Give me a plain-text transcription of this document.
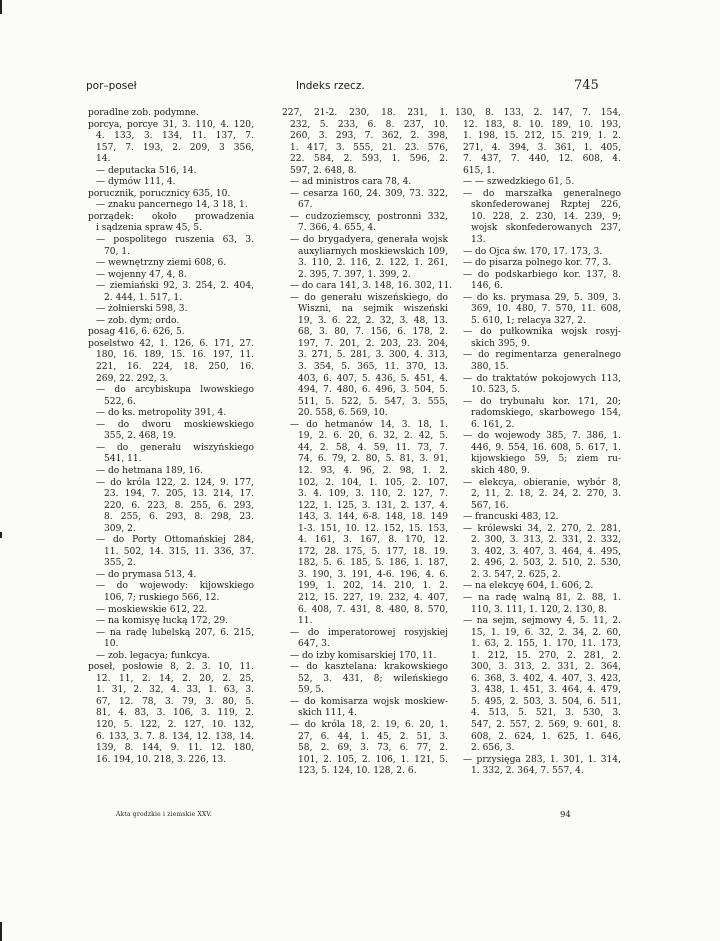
por–poseł	Indeks rzecz.	745
poradlne zob. podymne.
porcya, porcye 31, 3. 110, 4. 120,
4. 133, 3. 134, 11. 137, 7.
157, 7. 193, 2. 209, 3 356,
14.
— deputacka 516, 14.
— dymów 111, 4.
porucznik, porucznicy 635, 10.
— znaku pancernego 14, 3 18, 1.
porządek: około prowadzenia
i sądzenia spraw 45, 5.
— pospolitego ruszenia 63, 3.
70, 1.
— wewnętrzny ziemi 608, 6.
— wojenny 47, 4, 8.
— ziemiański 92, 3. 254, 2. 404,
2. 444, 1. 517, 1.
— żołnierski 598, 3.
— zob. dym; ordo.
posag 416, 6. 626, 5.
poselstwo 42, 1. 126, 6. 171, 27.
180, 16. 189, 15. 16. 197, 11.
221, 16. 224, 18. 250, 16.
269, 22. 292, 3.
— do arcybiskupa lwowskiego
522, 6.
— do ks. metropolity 391, 4.
— do dworu moskiewskiego
355, 2. 468, 19.
— do generału wiszyńskiego
541, 11.
— do hetmana 189, 16.
— do króla 122, 2. 124, 9. 177,
23. 194, 7. 205, 13. 214, 17.
220, 6. 223, 8. 255, 6. 293,
8. 255, 6. 293, 8. 298, 23.
309, 2.
— do Porty Ottomańskiej 284,
11. 502, 14. 315, 11. 336, 37.
355, 2.
— do prymasa 513, 4.
— do wojewody: kijowskiego
106, 7; ruskiego 566, 12.
— moskiewskie 612, 22.
— na komisyę łucką 172, 29.
— na radę lubelską 207, 6. 215,
10.
— zob. legacya; funkcya.
poseł, posłowie 8, 2. 3. 10, 11.
12. 11, 2. 14, 2. 20, 2. 25,
1. 31, 2. 32, 4. 33, 1. 63, 3.
67, 12. 78, 3. 79, 3. 80, 5.
81, 4. 83, 3. 106, 3. 119, 2.
120, 5. 122, 2. 127, 10. 132,
6. 133, 3. 7. 8. 134, 12. 138, 14.
139, 8. 144, 9. 11. 12. 180,
16. 194, 10. 218, 3. 226, 13.
227, 21-2. 230, 18. 231, 1.
232, 5. 233, 6. 8. 237, 10.
260, 3. 293, 7. 362, 2. 398,
1. 417, 3. 555, 21. 23. 576,
22. 584, 2. 593, 1. 596, 2.
597, 2. 648, 8.
— ad ministros cara 78, 4.
— cesarza 160, 24. 309, 73. 322,
67.
— cudzoziemscy, postronni 332,
7. 366, 4. 655, 4.
— do brygadyera, generała wojsk
auxyliarnych moskiewskich 109,
3. 110, 2. 116, 2. 122, 1. 261,
2. 395, 7. 397, 1. 399, 2.
— do cara 141, 3. 148, 16. 302, 11.
— do generału wiszeńskiego, do
Wiszni, na sejmik wiszeński
19, 3. 6. 22, 2. 32, 3. 48, 13.
68, 3. 80, 7. 156, 6. 178, 2.
197, 7. 201, 2. 203, 23. 204,
3. 271, 5. 281, 3. 300, 4. 313,
3. 354, 5. 365, 11. 370, 13.
403, 6. 407, 5. 436, 5. 451, 4.
494, 7. 480, 6. 496, 3. 504, 5.
511, 5. 522, 5. 547, 3. 555,
20. 558, 6. 569, 10.
— do hetmanów 14, 3. 18, 1.
19, 2. 6. 20, 6. 32, 2. 42, 5.
44, 2. 58, 4. 59, 11. 73, 7.
74, 6. 79, 2. 80, 5. 81, 3. 91,
12. 93, 4. 96, 2. 98, 1. 2.
102, 2. 104, 1. 105, 2. 107,
3. 4. 109, 3. 110, 2. 127, 7.
122, 1. 125, 3. 131, 2. 137, 4.
143, 3. 144, 6-8. 148, 18. 149
1-3. 151, 10. 12. 152, 15. 153,
4. 161, 3. 167, 8. 170, 12.
172, 28. 175, 5. 177, 18. 19.
182, 5. 6. 185, 5. 186, 1. 187,
3. 190, 3. 191, 4-6. 196, 4. 6.
199, 1. 202, 14. 210, 1. 2.
212, 15. 227, 19. 232, 4. 407,
6. 408, 7. 431, 8. 480, 8. 570,
11.
— do imperatorowej rosyjskiej
647, 3.
— do izby komisarskiej 170, 11.
— do kasztelana: krakowskiego
52, 3. 431, 8; wileńskiego
59, 5.
— do komisarza wojsk moskiew-
skich 111, 4.
— do króla 18, 2. 19, 6. 20, 1.
27, 6. 44, 1. 45, 2. 51, 3.
58, 2. 69, 3. 73, 6. 77, 2.
101, 2. 105, 2. 106, 1. 121, 5.
123, 5. 124, 10. 128, 2. 6.
130, 8. 133, 2. 147, 7. 154,
12. 183, 8. 10. 189, 10. 193,
1. 198, 15. 212, 15. 219, 1. 2.
271, 4. 394, 3. 361, 1. 405,
7. 437, 7. 440, 12. 608, 4.
615, 1.
— — szwedzkiego 61, 5.
— do marszałka generalnego
skonfederowanej Rzptej 226,
10. 228, 2. 230, 14. 239, 9;
wojsk skonfederowanych 237,
13.
— do Ojca św. 170, 17. 173, 3.
— do pisarza polnego kor. 77, 3.
— do podskarbiego kor. 137, 8.
146, 6.
— do ks. prymasa 29, 5. 309, 3.
369, 10. 480, 7. 570, 11. 608,
5. 610, 1; relacya 327, 2.
— do pułkownika wojsk rosyj-
skich 395, 9.
— do regimentarza generalnego
380, 15.
— do traktatów pokojowych 113,
10. 523, 5.
— do trybunału kor. 171, 20;
radomskiego, skarbowego 154,
6. 161, 2.
— do wojewody 385, 7. 386, 1.
446, 9. 554, 16. 608, 5. 617, 1.
kijowskiego 59, 5; ziem ru-
skich 480, 9.
— elekcya, obieranie, wybór 8,
2, 11, 2. 18, 2. 24, 2. 270, 3.
567, 16.
— francuski 483, 12.
— królewski 34, 2. 270, 2. 281,
2. 300, 3. 313, 2. 331, 2. 332,
3. 402, 3. 407, 3. 464, 4. 495,
2. 496, 2. 503, 2. 510, 2. 530,
2. 3. 547, 2. 625, 2.
— na elekcyę 604, 1. 606, 2.
— na radę walną 81, 2. 88, 1.
110, 3. 111, 1. 120, 2. 130, 8.
— na sejm, sejmowy 4, 5. 11, 2.
15, 1. 19, 6. 32, 2. 34, 2. 60,
1. 63, 2. 155, 1. 170, 11. 173,
1. 212, 15. 270, 2. 281, 2.
300, 3. 313, 2. 331, 2. 364,
6. 368, 3. 402, 4. 407, 3. 423,
3. 438, 1. 451, 3. 464, 4. 479,
5. 495, 2. 503, 3. 504, 6. 511,
4. 513, 5. 521, 3. 530, 3.
547, 2. 557, 2. 569, 9. 601, 8.
608, 2. 624, 1. 625, 1. 646,
2. 656, 3.
— przysięga 283, 1. 301, 1. 314,
1. 332, 2. 364, 7. 557, 4.
Akta grodzkie i ziemskie XXV.	94
